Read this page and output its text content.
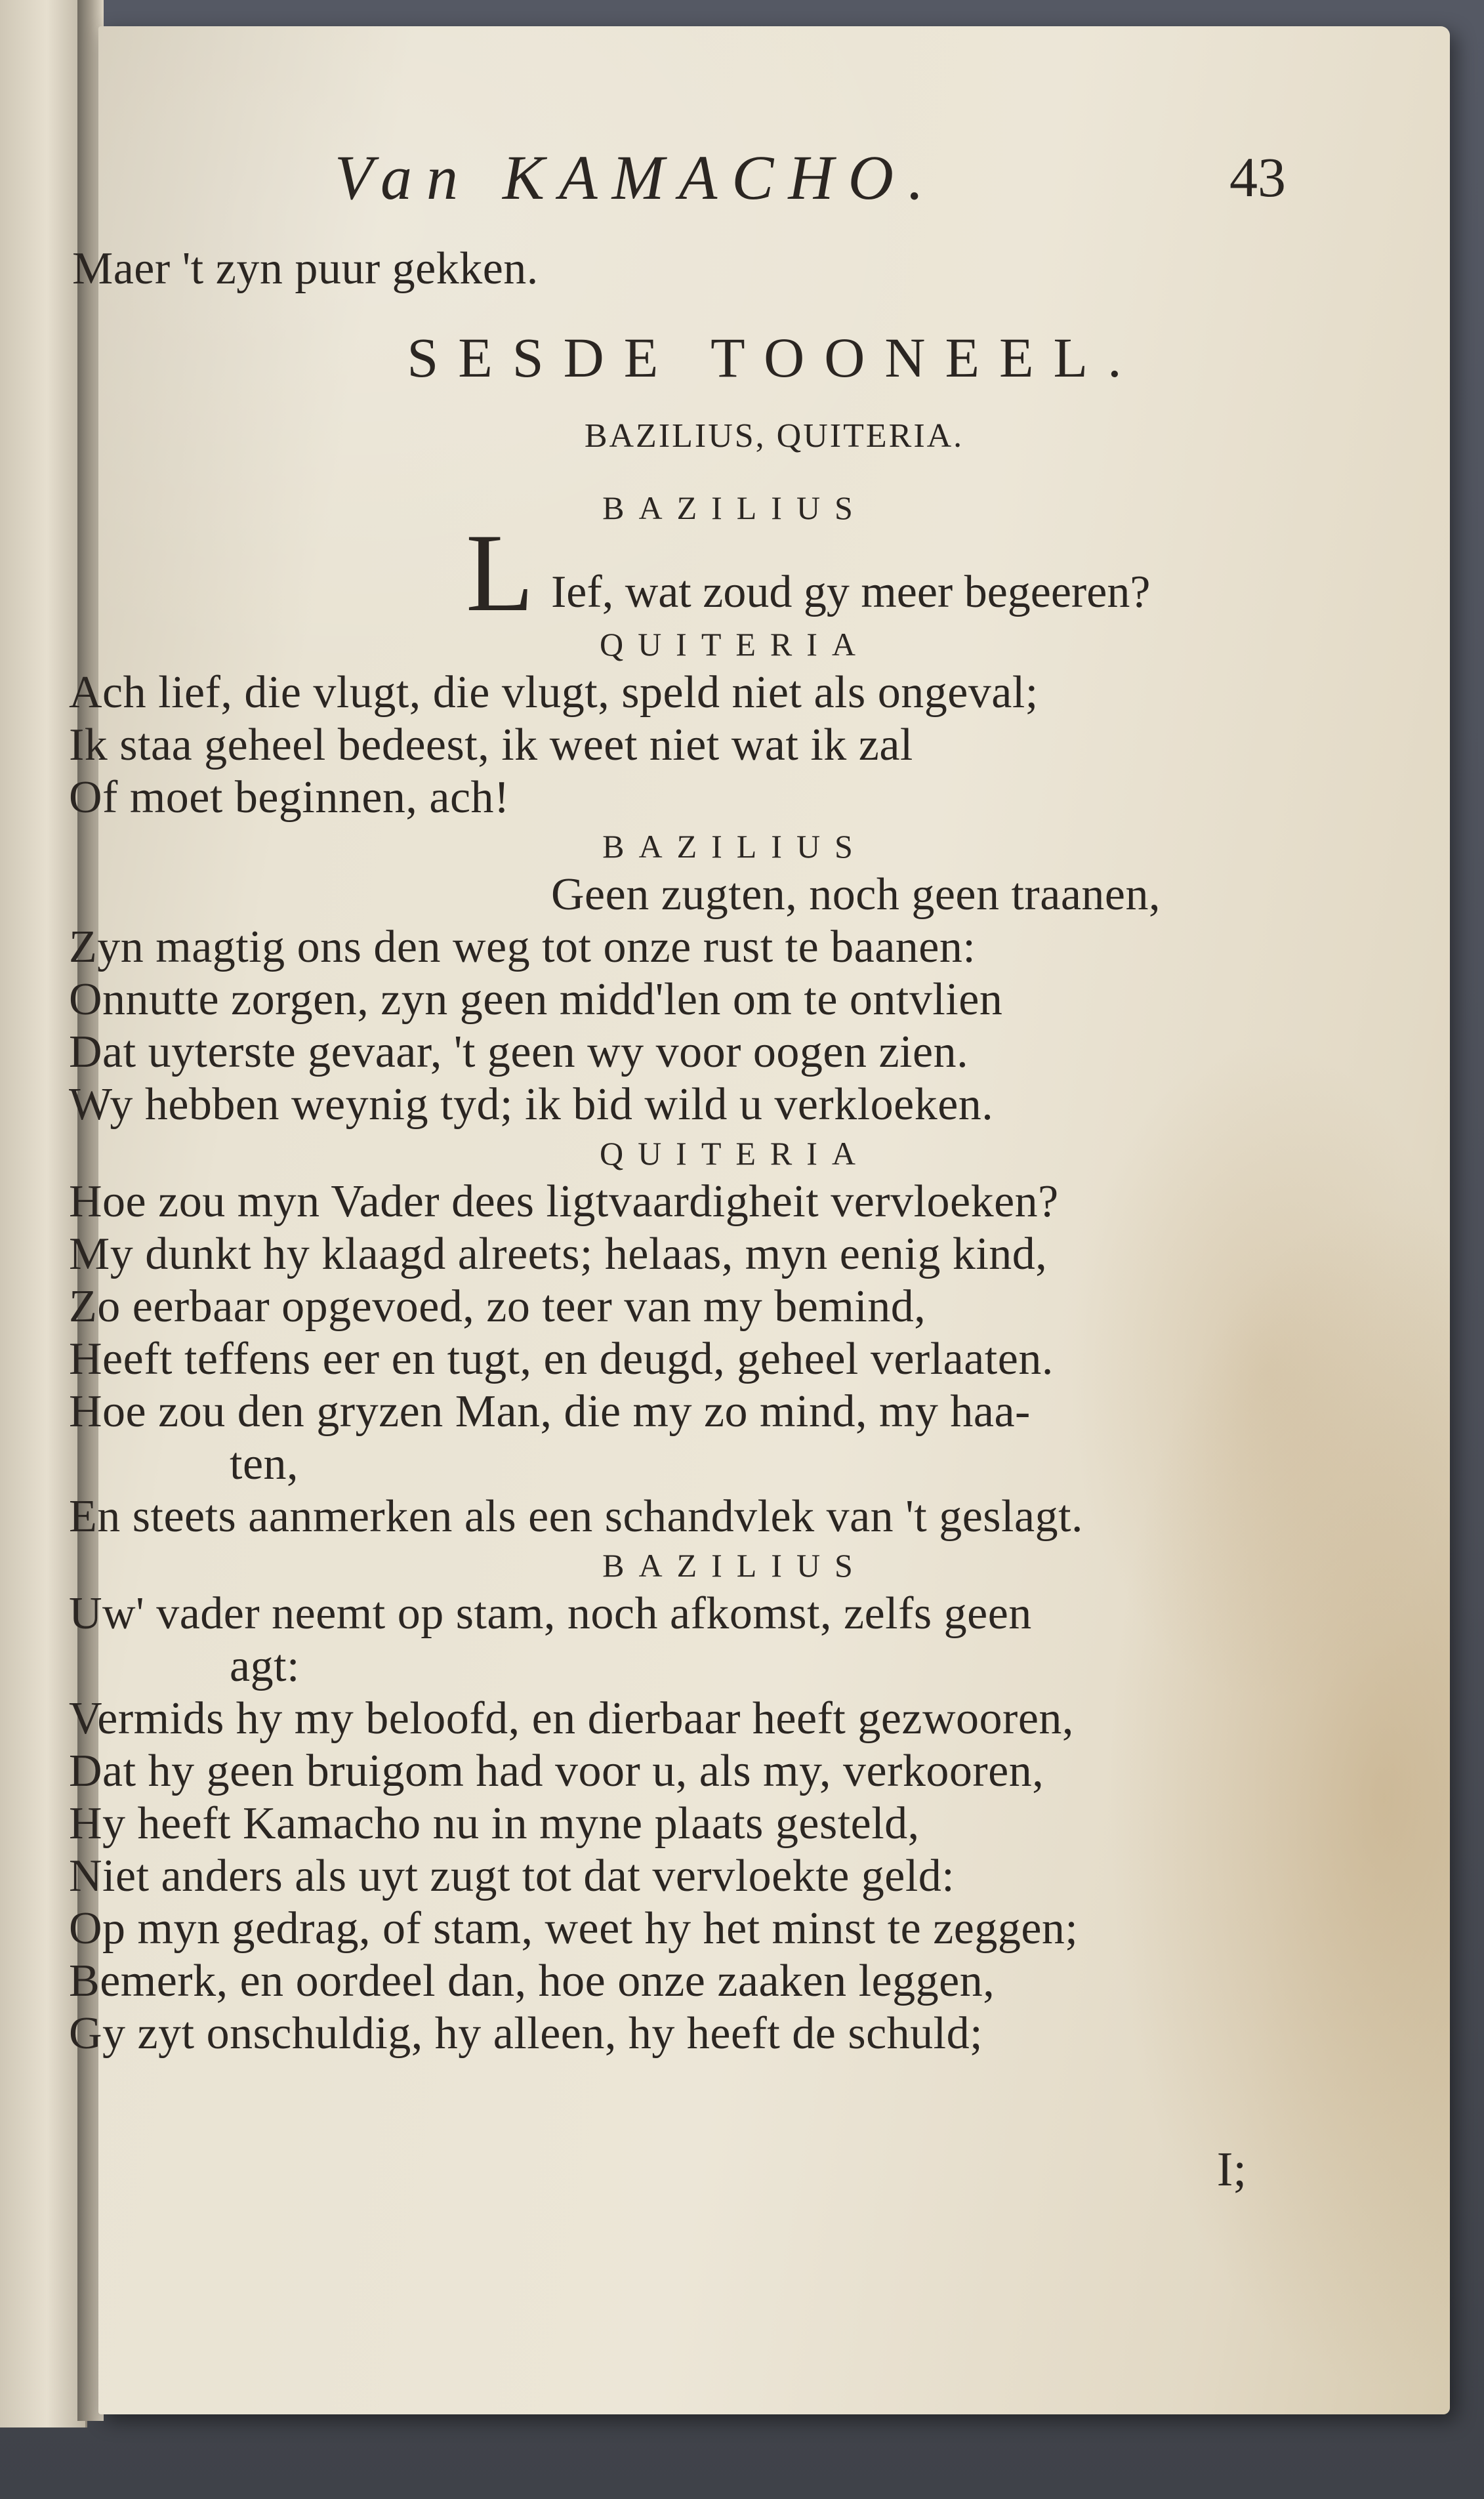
Van KAMACHO.	43
Maer 't zyn puur gekken.
SESDE TOONEEL.
BAZILIUS, QUITERIA.
BAZILIUS
L Ief, wat zoud gy meer begeeren?
QUITERIA
Ach lief, die vlugt, die vlugt, speld niet als ongeval;
Ik staa geheel bedeest, ik weet niet wat ik zal
Of moet beginnen, ach!
BAZILIUS
Geen zugten, noch geen traanen,
Zyn magtig ons den weg tot onze rust te baanen:
Onnutte zorgen, zyn geen midd'len om te ontvlien
Dat uyterste gevaar, 't geen wy voor oogen zien.
Wy hebben weynig tyd; ik bid wild u verkloeken.
QUITERIA
Hoe zou myn Vader dees ligtvaardigheit vervloeken?
My dunkt hy klaagd alreets; helaas, myn eenig kind,
Zo eerbaar opgevoed, zo teer van my bemind,
Heeft teffens eer en tugt, en deugd, geheel verlaaten.
Hoe zou den gryzen Man, die my zo mind, my haa-
ten,
En steets aanmerken als een schandvlek van 't geslagt.
BAZILIUS
Uw' vader neemt op stam, noch afkomst, zelfs geen
agt:
Vermids hy my beloofd, en dierbaar heeft gezwooren,
Dat hy geen bruigom had voor u, als my, verkooren,
Hy heeft Kamacho nu in myne plaats gesteld,
Niet anders als uyt zugt tot dat vervloekte geld:
Op myn gedrag, of stam, weet hy het minst te zeggen;
Bemerk, en oordeel dan, hoe onze zaaken leggen,
Gy zyt onschuldig, hy alleen, hy heeft de schuld;
I;
